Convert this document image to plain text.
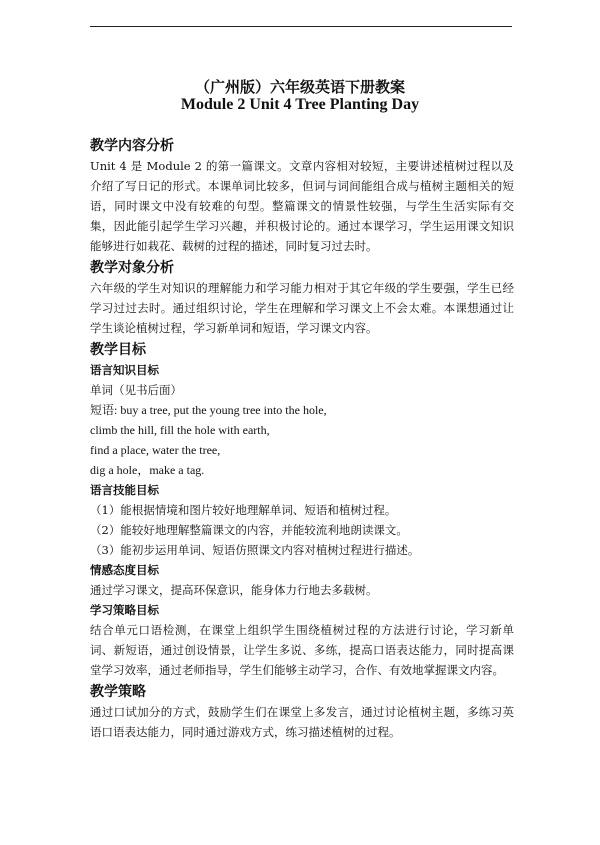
（广州版）六年级英语下册教案
Module 2 Unit 4 Tree Planting Day
教学内容分析

Unit 4 是 Module 2 的第一篇课文。文章内容相对较短，主要讲述植树过程以及介绍了写日记的形式。本课单词比较多，但词与词间能组合成与植树主题相关的短语，同时课文中没有较难的句型。整篇课文的情景性较强，与学生生活实际有交集，因此能引起学生学习兴趣，并积极讨论的。通过本课学习，学生运用课文知识能够进行如栽花、载树的过程的描述，同时复习过去时。

教学对象分析

六年级的学生对知识的理解能力和学习能力相对于其它年级的学生要强，学生已经学习过过去时。通过组织讨论，学生在理解和学习课文上不会太难。本课想通过让学生谈论植树过程，学习新单词和短语，学习课文内容。

教学目标
语言知识目标
单词（见书后面）
短语: buy a tree, put the young tree into the hole,
climb the hill, fill the hole with earth,
find a place, water the tree,
dig a hole，make a tag.
语言技能目标
（1）能根据情境和图片较好地理解单词、短语和植树过程。
（2）能较好地理解整篇课文的内容，并能较流利地朗读课文。
（3）能初步运用单词、短语仿照课文内容对植树过程进行描述。
情感态度目标

通过学习课文，提高环保意识，能身体力行地去多载树。

学习策略目标

结合单元口语检测，在课堂上组织学生围绕植树过程的方法进行讨论，学习新单词、新短语，通过创设情景，让学生多说、多练，提高口语表达能力，同时提高课堂学习效率，通过老师指导，学生们能够主动学习，合作、有效地掌握课文内容。

教学策略

通过口试加分的方式，鼓励学生们在课堂上多发言，通过讨论植树主题，多练习英语口语表达能力，同时通过游戏方式，练习描述植树的过程。
